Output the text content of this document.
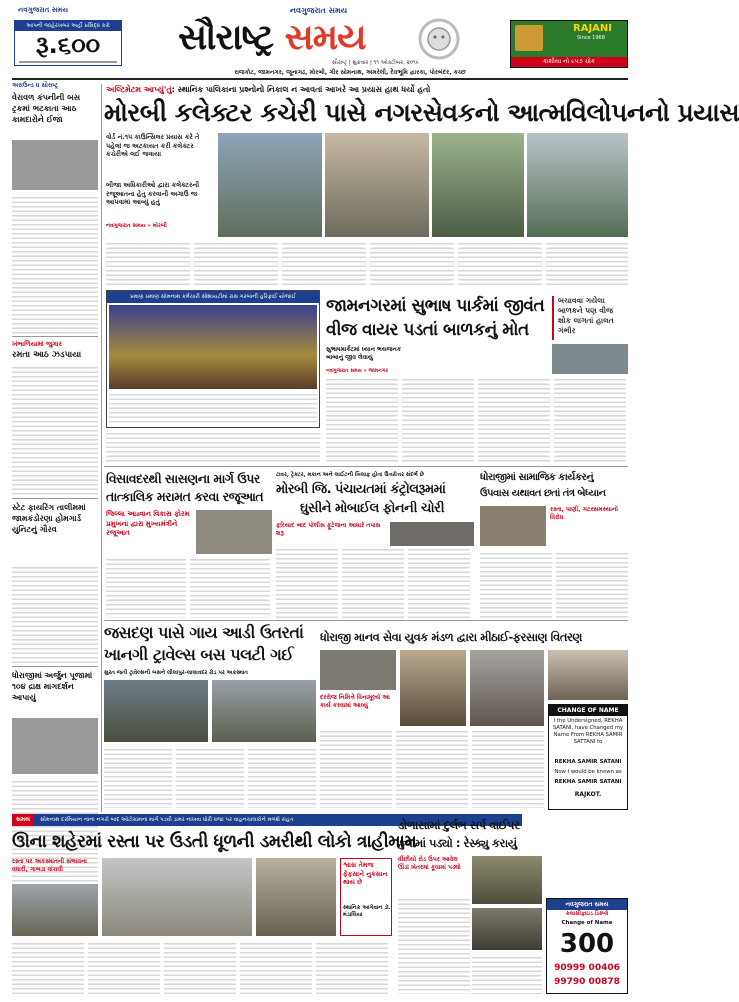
આપની જાહેરખબર અહીં પ્રસિદ્ધ કરો
રૂ.૬૦૦
નવગુજરાત સમય	નવગુજરાત સમય
સૌરાષ્ટ્ર સમય
સૌરાષ્ટ્ર | શુક્રવાર | ૧૧ ઓક્ટોબર, ૨૦૧૯
RAJANI
Since 1968
કાશીયા નો ૯૫૭ ચોક
રાજકોટ, જામનગર, જૂનાગઢ, મોરબી, ગીર સોમનાથ, અમરેલી, દેવભૂમિ દ્વારકા, પોરબંદર, કચ્છ
અરાઉન્ડ ધ સૌરાષ્ટ્ર
વેરાવળ કંપનીની બસ ટ્રકમાં ભટકાતા આઠ કામદારોને ઈજા
ખંભાળિયામાં જુગાર
રમતા આઠ ઝડપાયા
સ્ટેટ ફાયરિંગ તાલીમમાં જામકંડોરણા હોમગાર્ડ યુનિટનું ગૌરવ
ધોરાજીમાં અર્જુન પૂજામાં ૧૦૪ દ્રાક્ષ માગદર્શન આપાયું
અલ્ટિમેટમ આપ્યું'તું: સ્થાનિક પાલિકાના પ્રશ્નોનો નિકાલ ન આવતાં આખરે આ પ્રયાસ હાથ ધર્યો હતો
મોરબી કલેક્ટર કચેરી પાસે નગરસેવકનો આત્મવિલોપનનો પ્રયાસ
વોર્ડ નં.૧૫ કાઉન્સિલર પ્રયાસ કરે તે પહેલાં જ અટકાયત કરી કલેક્ટર કચેરીએ લઈ જવાયા
બીજા અધિકારીઓ દ્વારા કલેક્ટરની રજૂઆતના હેતુ કરવાની અગાઉ જ આપવામાં આવ્યું હતું
નવગુજરાત સમય » મોરબી
પ્રમાણ પ્રમાણ સોમનાથ કર્મચારી સોશાયટીમાં રાસ ગરબાની હરિફાઈ યોજાઈ	જામનગરમાં સુભાષ પાર્કમાં જીવંત
વીજ વાયર પડતાં બાળકનું મોત
બચાવવા ગયેલા બાળકને પણ વીજ શોક લાગતાં હાલત ગંભીર
સુભાષમાર્કેટમાં ધ્યાન ભયજનક બાબાનું જીવ લેવાયું
નવગુજરાત સમય » જામનગર
વિસાવદરથી સાસણના માર્ગ ઉપર
તાત્કાલિક મરામત કરવા રજૂઆત
જિલ્લા આહ્વાન વિકાસ ફોરમ પ્રમુખના દ્વારા મુખ્યમંત્રીને રજૂઆત
ટાવર, ટ્રેક્ટર, મકાન અને લાઈટની ખિલાફ હોતા ઉત્તરોત્તર સંદર્ભ છે
મોરબી જિ. પંચાયતમાં કંટ્રોલરૂમમાં
ઘુસીને મોબાઈલ ફોનની ચોરી
ફરિયાદ બાદ પોલીસ ફૂટેજના આધારે તપાસ શરૂ
ધોરાજીમાં સામાજિક કાર્યકરનું
ઉપવાસ યથાવત છતાં તંત્ર બેધ્યાન
રસ્તા, પાણી, ગટરસમસ્યાનો વિરોધ
જસદણ પાસે ગાય આડી ઉતરતાં
ખાનગી ટ્રાવેલ્સ બસ પલટી ગઈ
સુરત જતી ટ્રાવેલ્સની બસને લીલાપુર-લાલાવદર રોડ પર અકસ્માત
ધોરાજી માનવ સેવા યુવક મંડળ દ્વારા મીઠાઈ-ફરસાણ વિતરણ
દરરોજ નિમિત્તે વિનામૂલ્યે આ કાર્ય કરવામાં આવ્યું
CHANGE OF NAME
I the Undersigned, REKHA SATANI, have Changed my Name From REKHA SAMIR SATTANI to
REKHA SAMIR SATANI
Now I would be known as
REKHA SAMIR SATANI
RAJKOT.
સમય	સોમનાથ દરમિયાન નાના નગરો બાદ ઓટોગ્રામના માર્ગ પડવી ડામર નાખવા ધોરી ધજા પર વાહનચાલકોને મળશે રાહત
ઊના શહેરમાં રસ્તા પર ઉડતી ધૂળની ડમરીથી લોકો ત્રાહીમામ
રસ્તા પર અકસ્માતની સંભાવના વધારી, ગાબડા વાંચવી
શ્વાસ તેમજ ફેફસાને નુકસાન થાય છે
સ્થાનિક આગેવાન ડૉ. મંડાલિયા
ડોળાસામાં દુર્લભ સર્પ વાઈપર
કુવામાં પડ્યો : રેસ્ક્યુ કરાયું
વીંછીયો રોડ ઉપર આવેલ ઊંડાં ખેતરમાં કૂવામાં પડ્યો
નવગુજરાત સમય
કલાસીફાઇડ ડિસ્પ્લે
Change of Name
300
90999 00406
99790 00878
